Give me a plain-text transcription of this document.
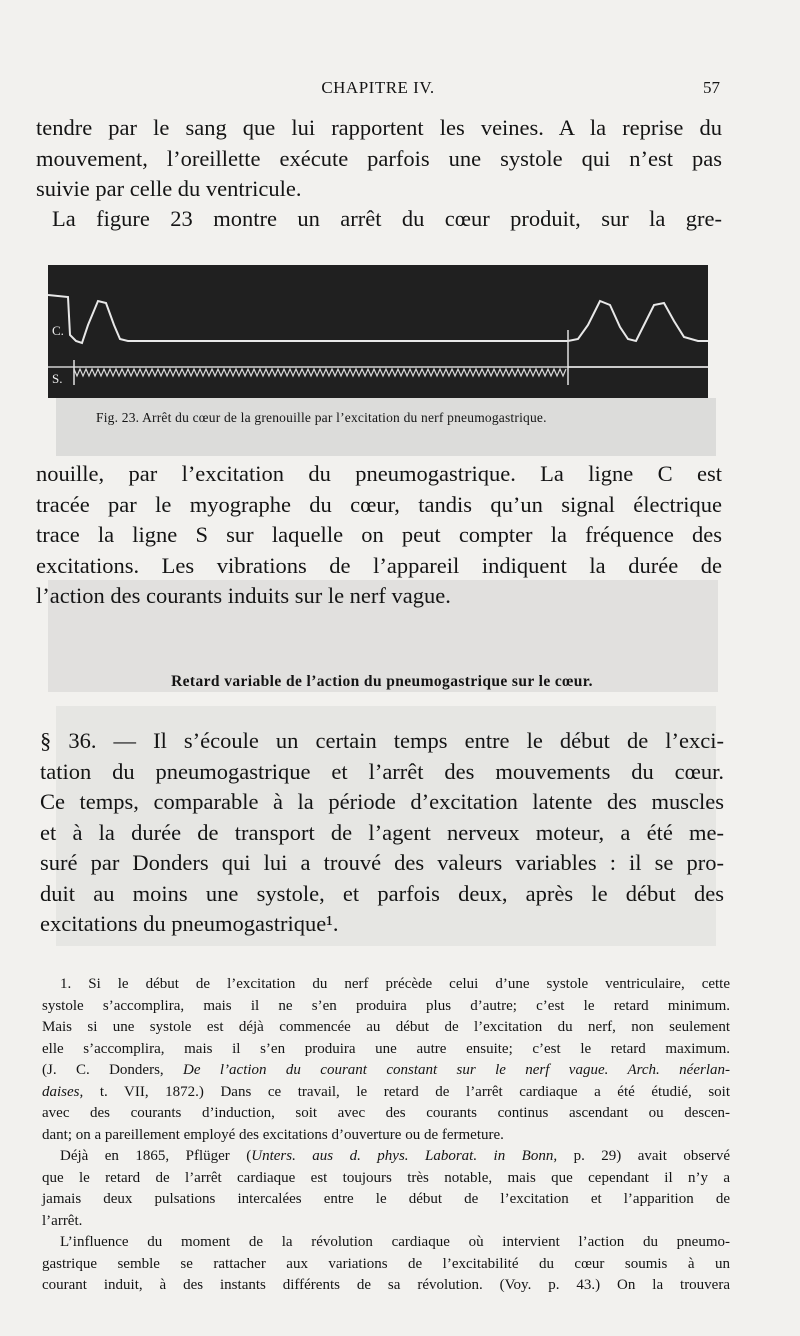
CHAPITRE IV.	57
tendre par le sang que lui rapportent les veines. A la reprise du
mouvement, l’oreillette exécute parfois une systole qui n’est pas
suivie par celle du ventricule.
La figure 23 montre un arrêt du cœur produit, sur la gre-
C.
S.
Fig. 23. Arrêt du cœur de la grenouille par l’excitation du nerf pneumogastrique.
nouille, par l’excitation du pneumogastrique. La ligne C est
tracée par le myographe du cœur, tandis qu’un signal électrique
trace la ligne S sur laquelle on peut compter la fréquence des
excitations. Les vibrations de l’appareil indiquent la durée de
l’action des courants induits sur le nerf vague.
Retard variable de l’action du pneumogastrique sur le cœur.
§ 36. — Il s’écoule un certain temps entre le début de l’exci-
tation du pneumogastrique et l’arrêt des mouvements du cœur.
Ce temps, comparable à la période d’excitation latente des muscles
et à la durée de transport de l’agent nerveux moteur, a été me-
suré par Donders qui lui a trouvé des valeurs variables : il se pro-
duit au moins une systole, et parfois deux, après le début des
excitations du pneumogastrique¹.
1. Si le début de l’excitation du nerf précède celui d’une systole ventriculaire, cette
systole s’accomplira, mais il ne s’en produira plus d’autre; c’est le retard minimum.
Mais si une systole est déjà commencée au début de l’excitation du nerf, non seulement
elle s’accomplira, mais il s’en produira une autre ensuite; c’est le retard maximum.
(J. C. Donders, De l’action du courant constant sur le nerf vague. Arch. néerlan-
daises, t. VII, 1872.) Dans ce travail, le retard de l’arrêt cardiaque a été étudié, soit
avec des courants d’induction, soit avec des courants continus ascendant ou descen-
dant; on a pareillement employé des excitations d’ouverture ou de fermeture.
Déjà en 1865, Pflüger (Unters. aus d. phys. Laborat. in Bonn, p. 29) avait observé
que le retard de l’arrêt cardiaque est toujours très notable, mais que cependant il n’y a
jamais deux pulsations intercalées entre le début de l’excitation et l’apparition de
l’arrêt.
L’influence du moment de la révolution cardiaque où intervient l’action du pneumo-
gastrique semble se rattacher aux variations de l’excitabilité du cœur soumis à un
courant induit, à des instants différents de sa révolution. (Voy. p. 43.) On la trouvera
